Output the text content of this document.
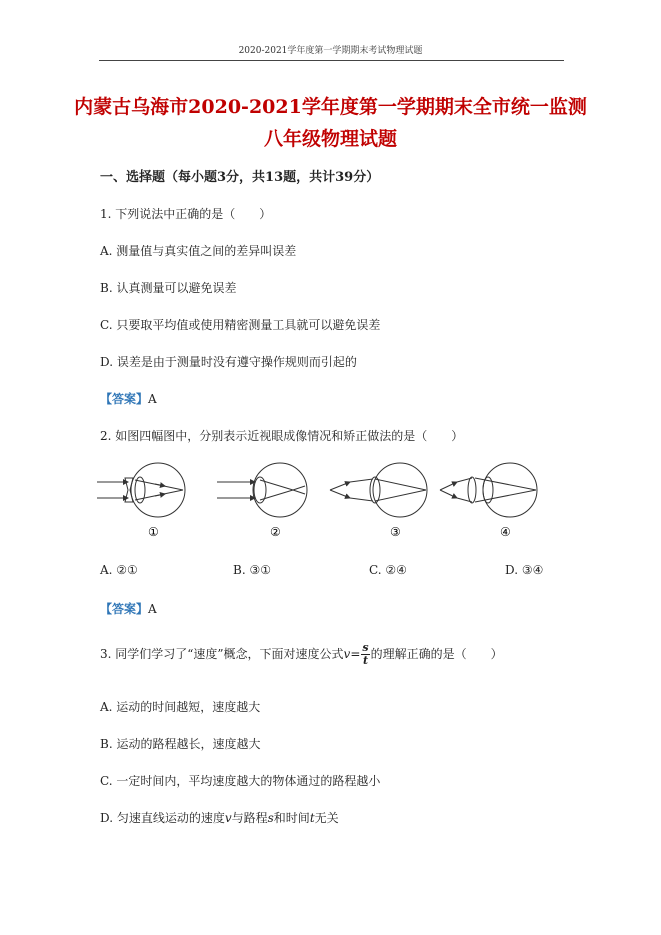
2020-2021学年度第一学期期末考试物理试题
内蒙古乌海市2020-2021学年度第一学期期末全市统一监测
八年级物理试题
一、选择题（每小题3分，共13题，共计39分）
1. 下列说法中正确的是（　　）
A. 测量值与真实值之间的差异叫误差
B. 认真测量可以避免误差
C. 只要取平均值或使用精密测量工具就可以避免误差
D. 误差是由于测量时没有遵守操作规则而引起的
【答案】A
2. 如图四幅图中，分别表示近视眼成像情况和矫正做法的是（　　）
①	②	③	④
A. ②①	B. ③①	C. ②④	D. ③④
【答案】A
3. 同学们学习了“速度”概念，下面对速度公式$v= \frac{s}{t}$ 的理解正确的是（　　）
A. 运动的时间越短，速度越大
B. 运动的路程越长，速度越大
C. 一定时间内，平均速度越大的物体通过的路程越小
D. 匀速直线运动的速度v与路程s和时间t无关
